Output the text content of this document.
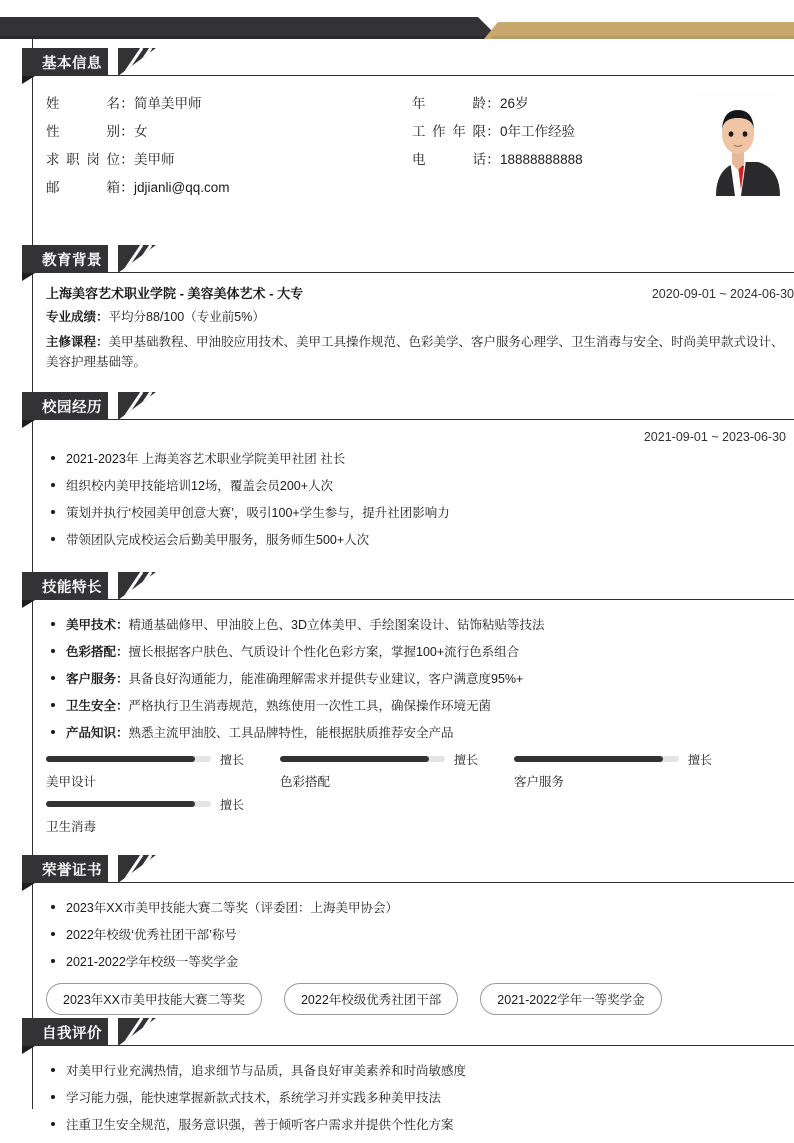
基本信息
姓名 ： 简单美甲师
性别 ： 女
求职岗位 ： 美甲师
邮箱 ： jdjianli@qq.com
年龄 ： 26岁
工作年限 ： 0年工作经验
电话 ： 18888888888
教育背景
上海美容艺术职业学院 - 美容美体艺术 - 大专	2020-09-01 ~ 2024-06-30
专业成绩：平均分88/100（专业前5%）
主修课程：美甲基础教程、甲油胶应用技术、美甲工具操作规范、色彩美学、客户服务心理学、卫生消毒与安全、时尚美甲款式设计、美容护理基础等。
校园经历
2021-09-01 ~ 2023-06-30
2021-2023年 上海美容艺术职业学院美甲社团 社长
组织校内美甲技能培训12场，覆盖会员200+人次
策划并执行‘校园美甲创意大赛’，吸引100+学生参与，提升社团影响力
带领团队完成校运会后勤美甲服务，服务师生500+人次
技能特长
美甲技术：精通基础修甲、甲油胶上色、3D立体美甲、手绘图案设计、钻饰粘贴等技法
色彩搭配：擅长根据客户肤色、气质设计个性化色彩方案，掌握100+流行色系组合
客户服务：具备良好沟通能力，能准确理解需求并提供专业建议，客户满意度95%+
卫生安全：严格执行卫生消毒规范，熟练使用一次性工具，确保操作环境无菌
产品知识：熟悉主流甲油胶、工具品牌特性，能根据肤质推荐安全产品
擅长
美甲设计
擅长
色彩搭配
擅长
客户服务
擅长
卫生消毒
荣誉证书
2023年XX市美甲技能大赛二等奖（评委团：上海美甲协会）
2022年校级‘优秀社团干部’称号
2021-2022学年校级一等奖学金
2023年XX市美甲技能大赛二等奖	2022年校级优秀社团干部	2021-2022学年一等奖学金
自我评价
对美甲行业充满热情，追求细节与品质，具备良好审美素养和时尚敏感度
学习能力强，能快速掌握新款式技术，系统学习并实践多种美甲技法
注重卫生安全规范，服务意识强，善于倾听客户需求并提供个性化方案
